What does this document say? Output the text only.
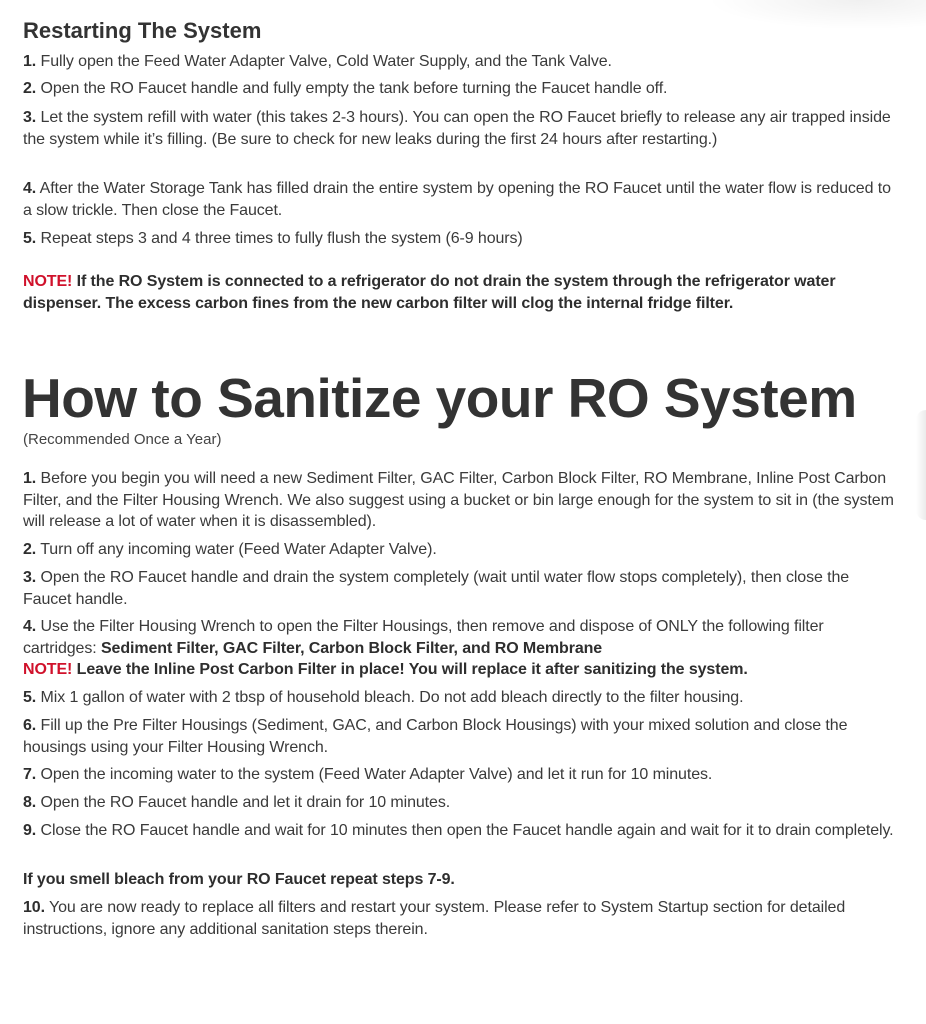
Restarting The System
1. Fully open the Feed Water Adapter Valve, Cold Water Supply, and the Tank Valve.
2. Open the RO Faucet handle and fully empty the tank before turning the Faucet handle off.
3. Let the system refill with water (this takes 2-3 hours). You can open the RO Faucet briefly to release any air trapped inside the system while it’s filling. (Be sure to check for new leaks during the first 24 hours after restarting.)
4. After the Water Storage Tank has filled drain the entire system by opening the RO Faucet until the water flow is reduced to a slow trickle. Then close the Faucet.
5. Repeat steps 3 and 4 three times to fully flush the system (6-9 hours)
NOTE! If the RO System is connected to a refrigerator do not drain the system through the refrigerator water dispenser. The excess carbon fines from the new carbon filter will clog the internal fridge filter.
How to Sanitize your RO System
(Recommended Once a Year)
1. Before you begin you will need a new Sediment Filter, GAC Filter, Carbon Block Filter, RO Membrane, Inline Post Carbon Filter, and the Filter Housing Wrench. We also suggest using a bucket or bin large enough for the system to sit in (the system will release a lot of water when it is disassembled).
2. Turn off any incoming water (Feed Water Adapter Valve).
3. Open the RO Faucet handle and drain the system completely (wait until water flow stops completely), then close the Faucet handle.
4. Use the Filter Housing Wrench to open the Filter Housings, then remove and dispose of ONLY the following filter cartridges: Sediment Filter, GAC Filter, Carbon Block Filter, and RO Membrane
NOTE! Leave the Inline Post Carbon Filter in place! You will replace it after sanitizing the system.
5. Mix 1 gallon of water with 2 tbsp of household bleach. Do not add bleach directly to the filter housing.
6. Fill up the Pre Filter Housings (Sediment, GAC, and Carbon Block Housings) with your mixed solution and close the housings using your Filter Housing Wrench.
7. Open the incoming water to the system (Feed Water Adapter Valve) and let it run for 10 minutes.
8. Open the RO Faucet handle and let it drain for 10 minutes.
9. Close the RO Faucet handle and wait for 10 minutes then open the Faucet handle again and wait for it to drain completely.
If you smell bleach from your RO Faucet repeat steps 7-9.
10. You are now ready to replace all filters and restart your system. Please refer to System Startup section for detailed instructions, ignore any additional sanitation steps therein.
